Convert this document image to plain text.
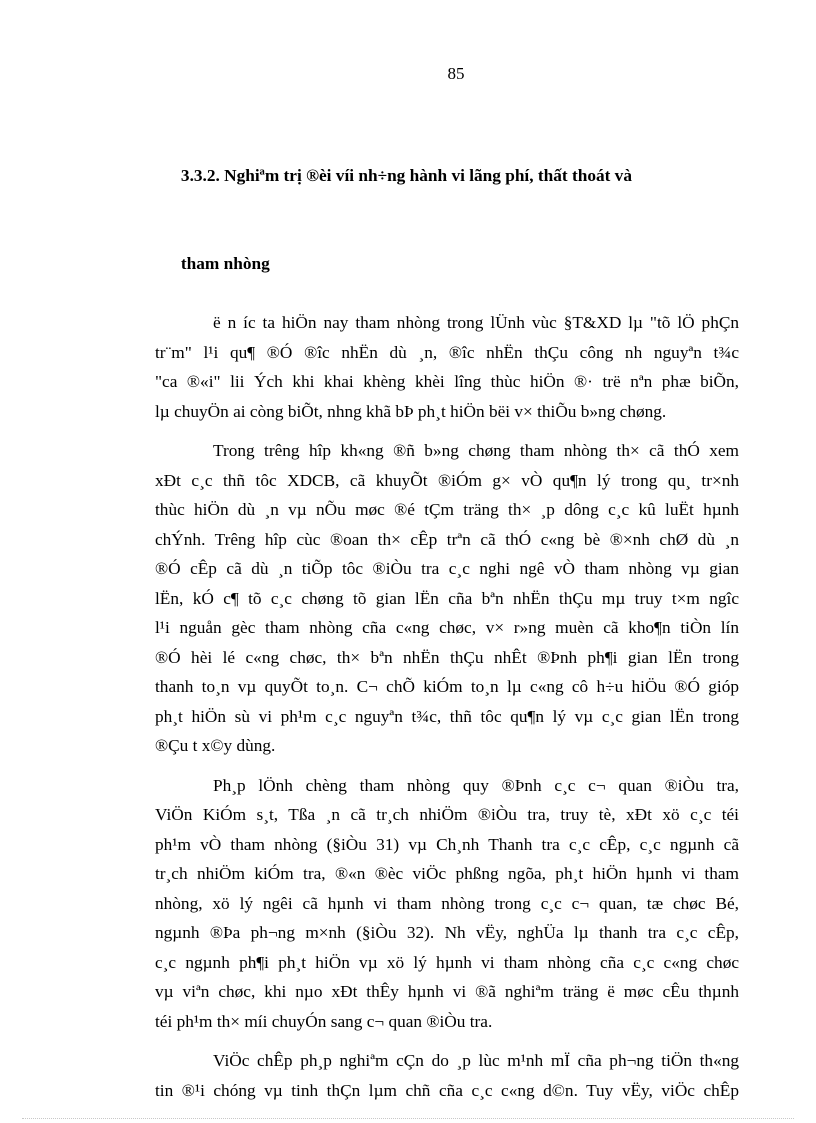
85

3.3.2. Nghiªm trị ®èi víi nh÷ng hành vi lãng phí, thất thoát và

tham nhòng

ë n íc ta hiÖn nay tham nhòng trong lÜnh vùc §T&XD lµ "tõ lÖ phÇn
tr¨m" l¹i qu¶ ®Ó ®îc nhËn dù ¸n, ®îc nhËn thÇu công nh nguyªn t¾c
"ca ®«i" lii Ých khi khai khèng khèi lîng thùc hiÖn ®· trë nªn phæ biÕn,
lµ chuyÖn ai còng biÕt, nhng khã bÞ ph¸t hiÖn bëi v× thiÕu b»ng chøng.
Trong trêng hîp kh«ng ®ñ b»ng chøng tham nhòng th× cã thÓ xem
xÐt c¸c thñ tôc XDCB, cã khuyÕt ®iÓm g× vÒ qu¶n lý trong qu¸ tr×nh
thùc hiÖn dù ¸n vµ nÕu møc ®é tÇm träng th× ¸p dông c¸c kû luËt hµnh
chÝnh. Trêng hîp cùc ®oan th× cÊp trªn cã thÓ c«ng bè ®×nh chØ dù ¸n
®Ó cÊp cã dù ¸n tiÕp tôc ®iÒu tra c¸c nghi ngê vÒ tham nhòng vµ gian
lËn, kÓ c¶ tõ c¸c chøng tõ gian lËn cña bªn nhËn thÇu mµ truy t×m ngîc
l¹i nguån gèc tham nhòng cña c«ng chøc, v× r»ng muèn cã kho¶n tiÒn lín
®Ó hèi lé c«ng chøc, th× bªn nhËn thÇu nhÊt ®Þnh ph¶i gian lËn trong
thanh to¸n vµ quyÕt to¸n. C¬ chÕ kiÓm to¸n lµ c«ng cô h÷u hiÖu ®Ó gióp
ph¸t hiÖn sù vi ph¹m c¸c nguyªn t¾c, thñ tôc qu¶n lý vµ c¸c gian lËn trong
®Çu t x©y dùng.
Ph¸p lÖnh chèng tham nhòng quy ®Þnh c¸c c¬ quan ®iÒu tra,
ViÖn KiÓm s¸t, Tßa ¸n cã tr¸ch nhiÖm ®iÒu tra, truy tè, xÐt xö c¸c téi
ph¹m vÒ tham nhòng (§iÒu 31) vµ Ch¸nh Thanh tra c¸c cÊp, c¸c ngµnh cã
tr¸ch nhiÖm kiÓm tra, ®«n ®èc viÖc phßng ngõa, ph¸t hiÖn hµnh vi tham
nhòng, xö lý ngêi cã hµnh vi tham nhòng trong c¸c c¬ quan, tæ chøc Bé,
ngµnh ®Þa ph¬ng m×nh (§iÒu 32). Nh vËy, nghÜa lµ thanh tra c¸c cÊp,
c¸c ngµnh ph¶i ph¸t hiÖn vµ xö lý hµnh vi tham nhòng cña c¸c c«ng chøc
vµ viªn chøc, khi nµo xÐt thÊy hµnh vi ®ã nghiªm träng ë møc cÊu thµnh
téi ph¹m th× míi chuyÓn sang c¬ quan ®iÒu tra.
ViÖc chÊp ph¸p nghiªm cÇn do ¸p lùc m¹nh mÏ cña ph¬ng tiÖn th«ng
tin ®¹i chóng vµ tinh thÇn lµm chñ cña c¸c c«ng d©n. Tuy vËy, viÖc chÊp
